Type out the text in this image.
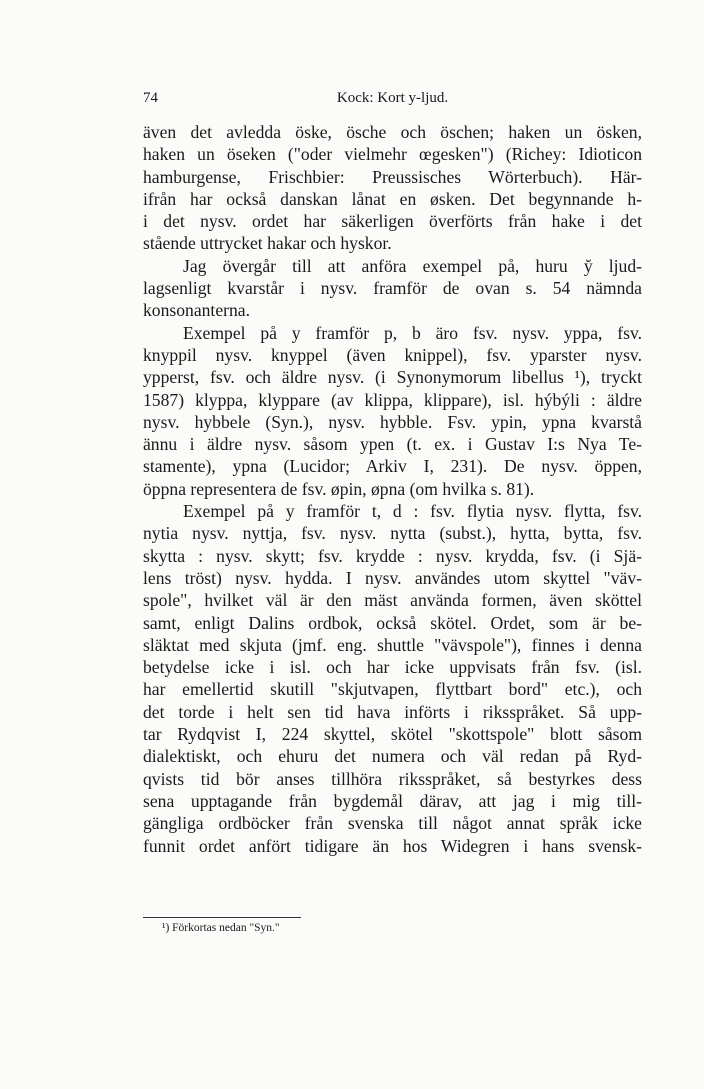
74	Kock: Kort y-ljud.
även det avledda öske, ösche och öschen; haken un ösken,
haken un öseken ("oder vielmehr œgesken") (Richey: Idioticon
hamburgense, Frischbier: Preussisches Wörterbuch). Här-
ifrån har också danskan lånat en øsken. Det begynnande h-
i det nysv. ordet har säkerligen överförts från hake i det
stående uttrycket hakar och hyskor.
Jag övergår till att anföra exempel på, huru y̆ ljud-
lagsenligt kvarstår i nysv. framför de ovan s. 54 nämnda
konsonanterna.
Exempel på y framför p, b äro fsv. nysv. yppa, fsv.
knyppil nysv. knyppel (även knippel), fsv. yparster nysv.
ypperst, fsv. och äldre nysv. (i Synonymorum libellus ¹), tryckt
1587) klyppa, klyppare (av klippa, klippare), isl. hýbýli : äldre
nysv. hybbele (Syn.), nysv. hybble. Fsv. ypin, ypna kvarstå
ännu i äldre nysv. såsom ypen (t. ex. i Gustav I:s Nya Te-
stamente), ypna (Lucidor; Arkiv I, 231). De nysv. öppen,
öppna representera de fsv. øpin, øpna (om hvilka s. 81).
Exempel på y framför t, d : fsv. flytia nysv. flytta, fsv.
nytia nysv. nyttja, fsv. nysv. nytta (subst.), hytta, bytta, fsv.
skytta : nysv. skytt; fsv. krydde : nysv. krydda, fsv. (i Sjä-
lens tröst) nysv. hydda. I nysv. användes utom skyttel "väv-
spole", hvilket väl är den mäst använda formen, även sköttel
samt, enligt Dalins ordbok, också skötel. Ordet, som är be-
släktat med skjuta (jmf. eng. shuttle "vävspole"), finnes i denna
betydelse icke i isl. och har icke uppvisats från fsv. (isl.
har emellertid skutill "skjutvapen, flyttbart bord" etc.), och
det torde i helt sen tid hava införts i riksspråket. Så upp-
tar Rydqvist I, 224 skyttel, skötel "skottspole" blott såsom
dialektiskt, och ehuru det numera och väl redan på Ryd-
qvists tid bör anses tillhöra riksspråket, så bestyrkes dess
sena upptagande från bygdemål därav, att jag i mig till-
gängliga ordböcker från svenska till något annat språk icke
funnit ordet anfört tidigare än hos Widegren i hans svensk-
¹) Förkortas nedan "Syn."
